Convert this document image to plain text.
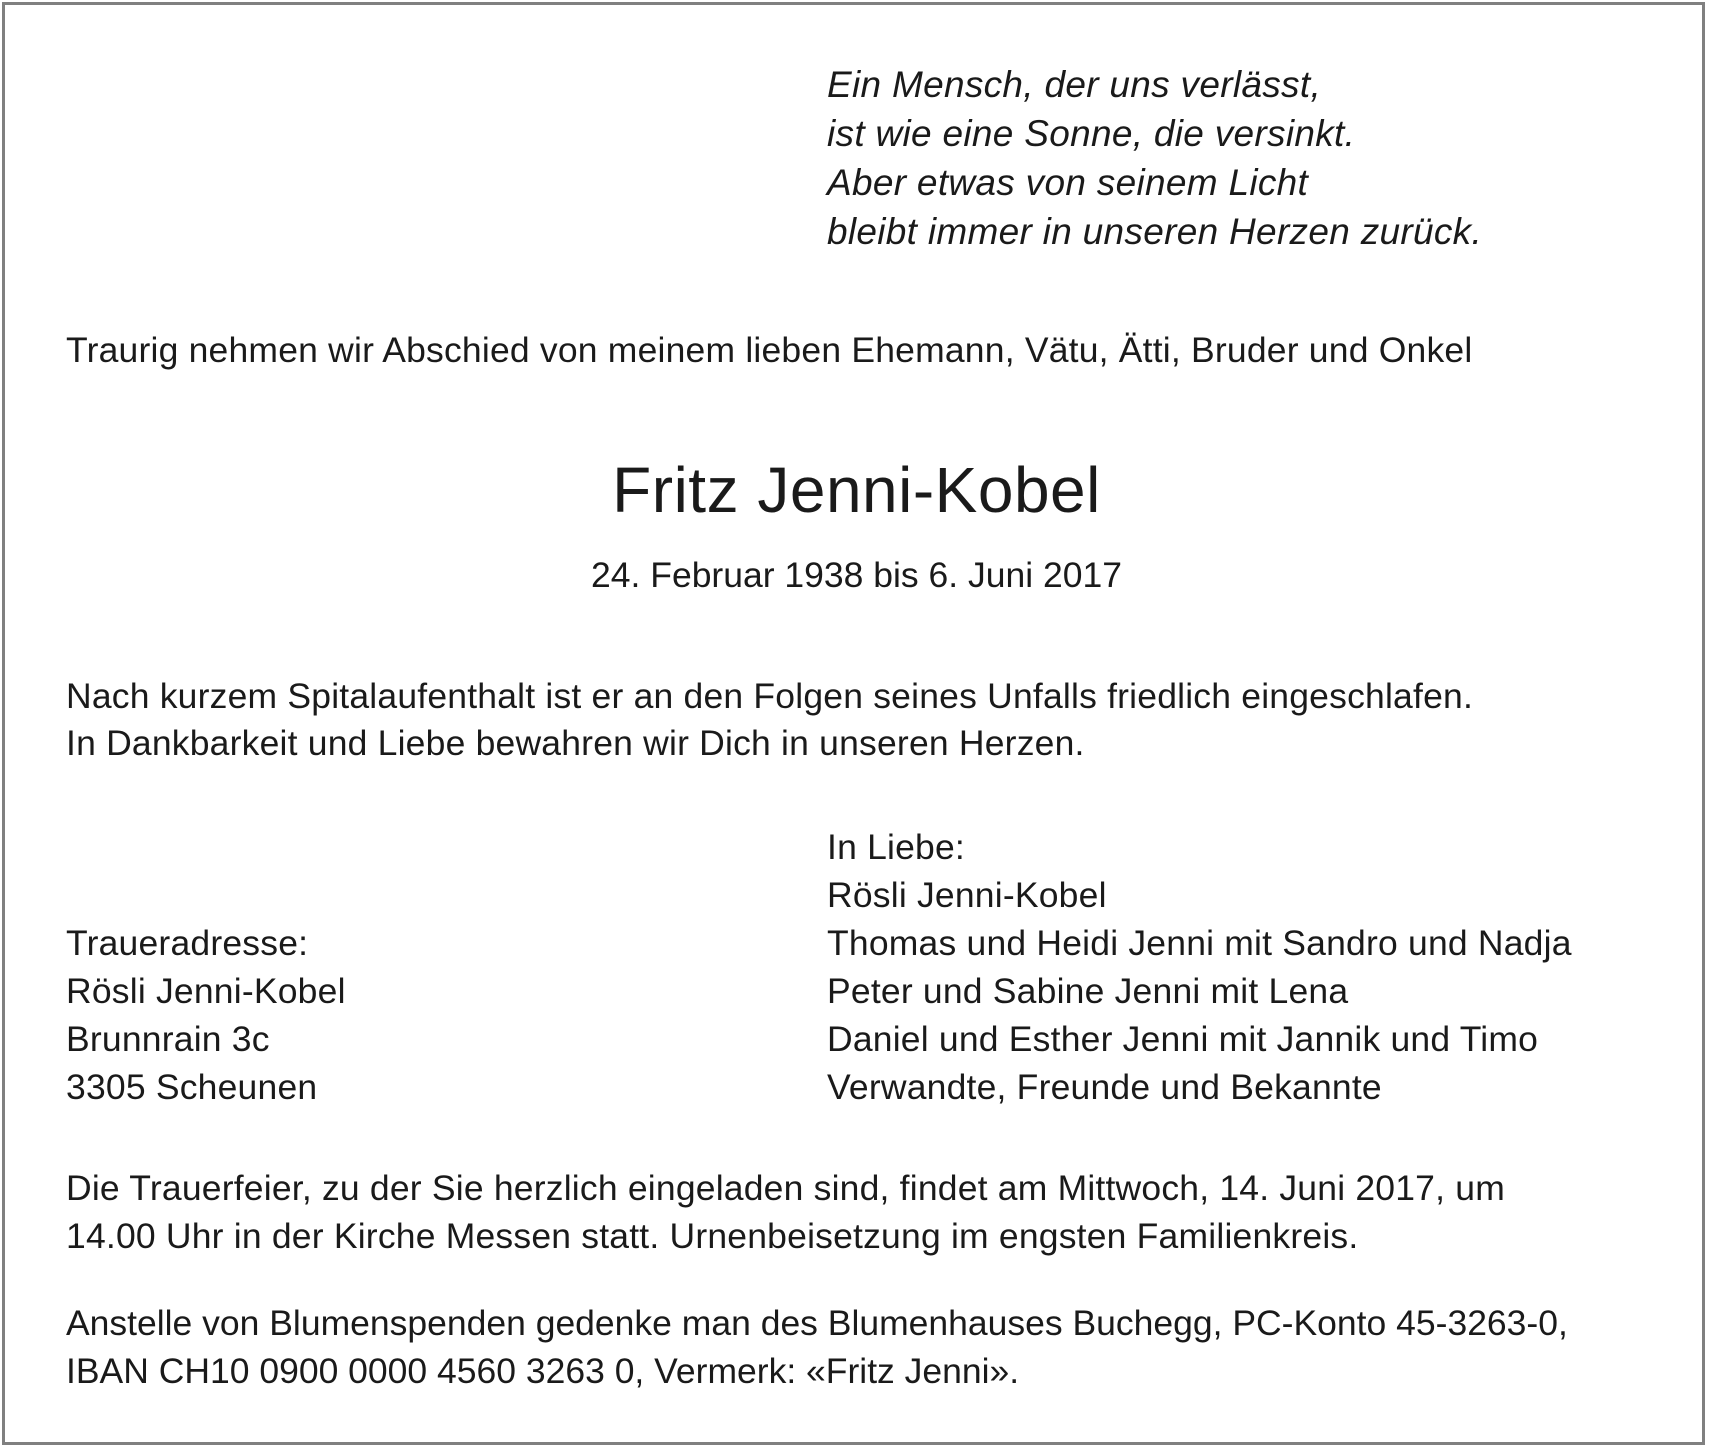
Ein Mensch, der uns verlässt,
ist wie eine Sonne, die versinkt.
Aber etwas von seinem Licht
bleibt immer in unseren Herzen zurück.
Traurig nehmen wir Abschied von meinem lieben Ehemann, Vätu, Ätti, Bruder und Onkel
Fritz Jenni-Kobel
24. Februar 1938 bis 6. Juni 2017
Nach kurzem Spitalaufenthalt ist er an den Folgen seines Unfalls friedlich eingeschlafen.
In Dankbarkeit und Liebe bewahren wir Dich in unseren Herzen.
In Liebe:
Rösli Jenni-Kobel
Thomas und Heidi Jenni mit Sandro und Nadja
Peter und Sabine Jenni mit Lena
Daniel und Esther Jenni mit Jannik und Timo
Verwandte, Freunde und Bekannte
Traueradresse:
Rösli Jenni-Kobel
Brunnrain 3c
3305 Scheunen
Die Trauerfeier, zu der Sie herzlich eingeladen sind, findet am Mittwoch, 14. Juni 2017, um
14.00 Uhr in der Kirche Messen statt. Urnenbeisetzung im engsten Familienkreis.
Anstelle von Blumenspenden gedenke man des Blumenhauses Buchegg, PC-Konto 45-3263-0,
IBAN CH10 0900 0000 4560 3263 0, Vermerk: «Fritz Jenni».
